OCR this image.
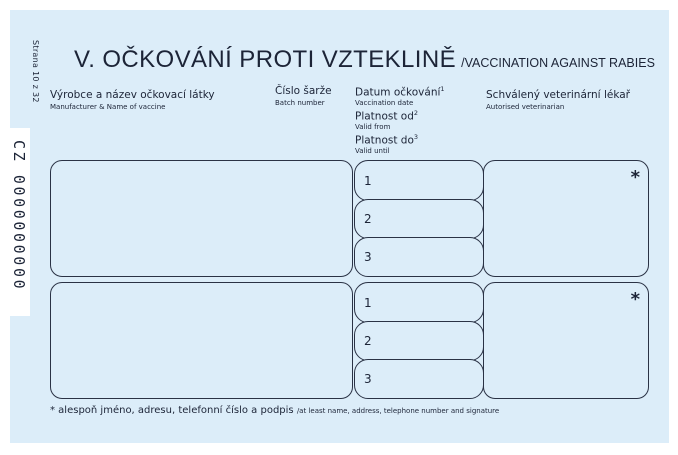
Strana 10 z 32
CZ 0000000000
V. OČKOVÁNÍ PROTI VZTEKLINĚ /VACCINATION AGAINST RABIES
Výrobce a název očkovací látky
Manufacturer & Name of vaccine
Číslo šarže
Batch number
Datum očkování$^1$
Vaccination date
Platnost $od^2$
Valid from
Platnost $do^3$
Valid until
Schválený veterinární lékař
Autorised veterinarian
1
2
3
*
1
2
3
*
* alespoň jméno, adresu, telefonní číslo a podpis /at least name, address, telephone number and signature
